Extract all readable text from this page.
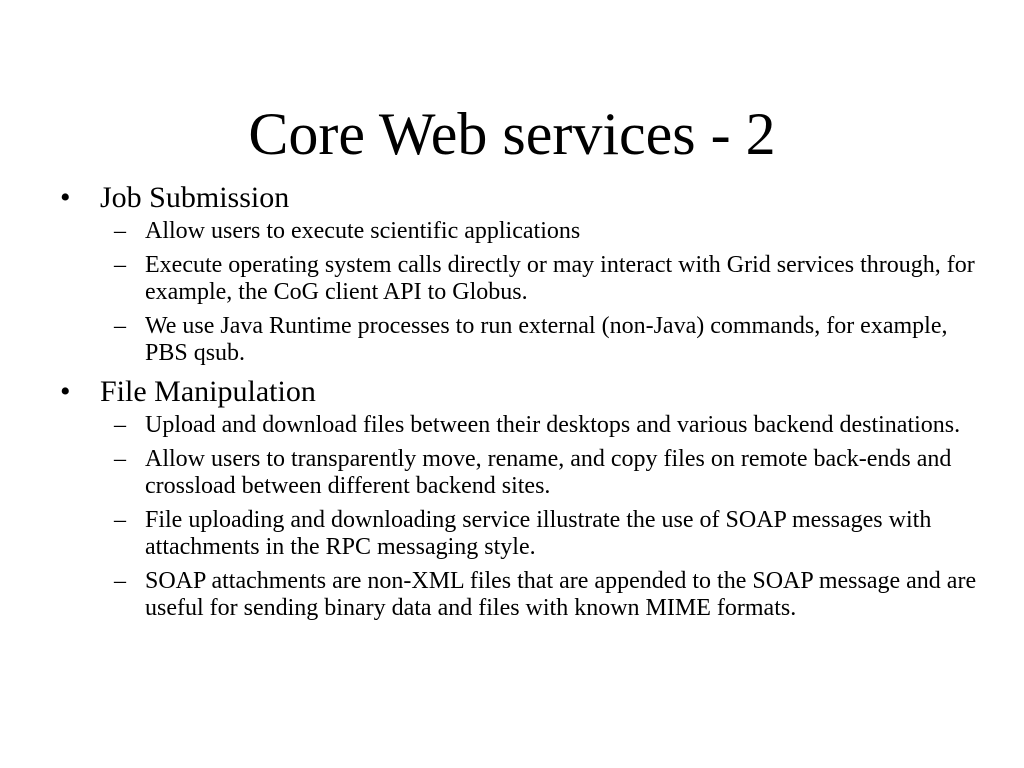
Core Web services - 2
• Job Submission
– Allow users to execute scientific applications
– Execute operating system calls directly or may interact with Grid services through, for example, the CoG client API to Globus.
– We use Java Runtime processes to run external (non-Java) commands, for example, PBS qsub.
• File Manipulation
– Upload and download files between their desktops and various backend destinations.
– Allow users to transparently move, rename, and copy files on remote back-ends and crossload between different backend sites.
– File uploading and downloading service illustrate the use of SOAP messages with attachments in the RPC messaging style.
– SOAP attachments are non-XML files that are appended to the SOAP message and are useful for sending binary data and files with known MIME formats.
